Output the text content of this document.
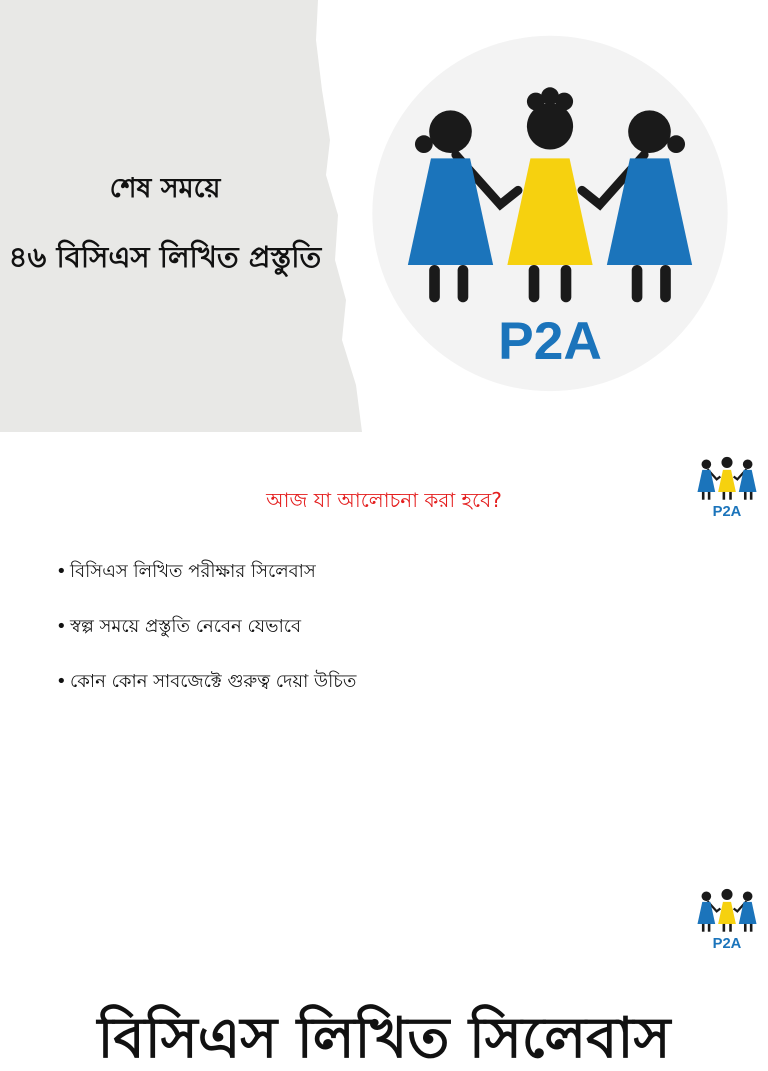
শেষ সময়ে
৪৬ বিসিএস লিখিত প্রস্তুতি
P2A
P2A
আজ যা আলোচনা করা হবে?
• বিসিএস লিখিত পরীক্ষার সিলেবাস
• স্বল্প সময়ে প্রস্তুতি নেবেন যেভাবে
• কোন কোন সাবজেক্টে গুরুত্ব দেয়া উচিত
P2A
বিসিএস লিখিত সিলেবাস
